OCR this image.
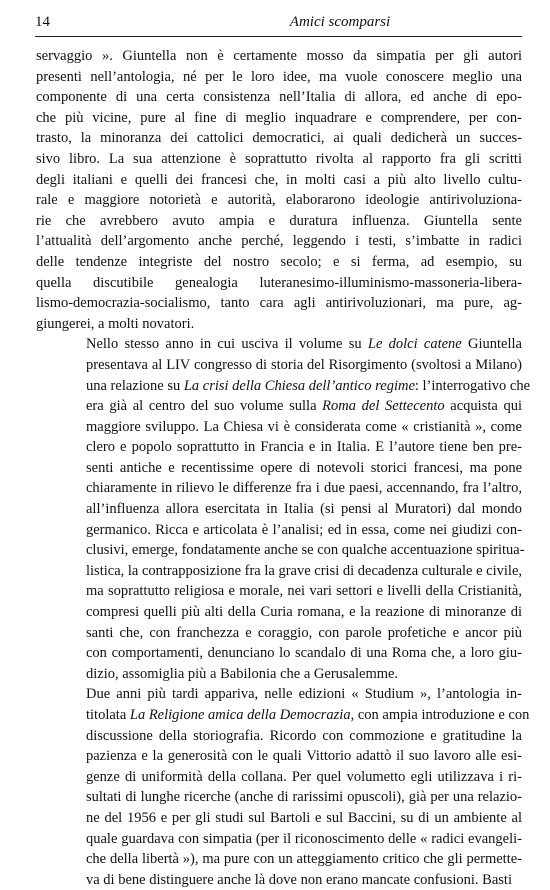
14	Amici scomparsi
servaggio ». Giuntella non è certamente mosso da simpatia per gli autori
presenti nell’antologia, né per le loro idee, ma vuole conoscere meglio una
componente di una certa consistenza nell’Italia di allora, ed anche di epo-
che più vicine, pure al fine di meglio inquadrare e comprendere, per con-
trasto, la minoranza dei cattolici democratici, ai quali dedicherà un succes-
sivo libro. La sua attenzione è soprattutto rivolta al rapporto fra gli scritti
degli italiani e quelli dei francesi che, in molti casi a più alto livello cultu-
rale e maggiore notorietà e autorità, elaborarono ideologie antirivoluziona-
rie che avrebbero avuto ampia e duratura influenza. Giuntella sente
l’attualità dell’argomento anche perché, leggendo i testi, s’imbatte in radici
delle tendenze integriste del nostro secolo; e si ferma, ad esempio, su
quella discutibile genealogia luteranesimo-illuminismo-massoneria-libera-
lismo-democrazia-socialismo, tanto cara agli antirivoluzionari, ma pure, ag-
giungerei, a molti novatori.
Nello stesso anno in cui usciva il volume su Le dolci catene Giuntella
presentava al LIV congresso di storia del Risorgimento (svoltosi a Milano)
una relazione su La crisi della Chiesa dell’antico regime: l’interrogativo che
era già al centro del suo volume sulla Roma del Settecento acquista qui
maggiore sviluppo. La Chiesa vi è considerata come « cristianità », come
clero e popolo soprattutto in Francia e in Italia. E l’autore tiene ben pre-
senti antiche e recentissime opere di notevoli storici francesi, ma pone
chiaramente in rilievo le differenze fra i due paesi, accennando, fra l’altro,
all’influenza allora esercitata in Italia (si pensi al Muratori) dal mondo
germanico. Ricca e articolata è l’analisi; ed in essa, come nei giudizi con-
clusivi, emerge, fondatamente anche se con qualche accentuazione spiritua-
listica, la contrapposizione fra la grave crisi di decadenza culturale e civile,
ma soprattutto religiosa e morale, nei vari settori e livelli della Cristianità,
compresi quelli più alti della Curia romana, e la reazione di minoranze di
santi che, con franchezza e coraggio, con parole profetiche e ancor più
con comportamenti, denunciano lo scandalo di una Roma che, a loro giu-
dizio, assomiglia più a Babilonia che a Gerusalemme.
Due anni più tardi appariva, nelle edizioni « Studium », l’antologia in-
titolata La Religione amica della Democrazia, con ampia introduzione e con
discussione della storiografia. Ricordo con commozione e gratitudine la
pazienza e la generosità con le quali Vittorio adattò il suo lavoro alle esi-
genze di uniformità della collana. Per quel volumetto egli utilizzava i ri-
sultati di lunghe ricerche (anche di rarissimi opuscoli), già per una relazio-
ne del 1956 e per gli studi sul Bartoli e sul Baccini, su di un ambiente al
quale guardava con simpatia (per il riconoscimento delle « radici evangeli-
che della libertà »), ma pure con un atteggiamento critico che gli permette-
va di bene distinguere anche là dove non erano mancate confusioni. Basti
